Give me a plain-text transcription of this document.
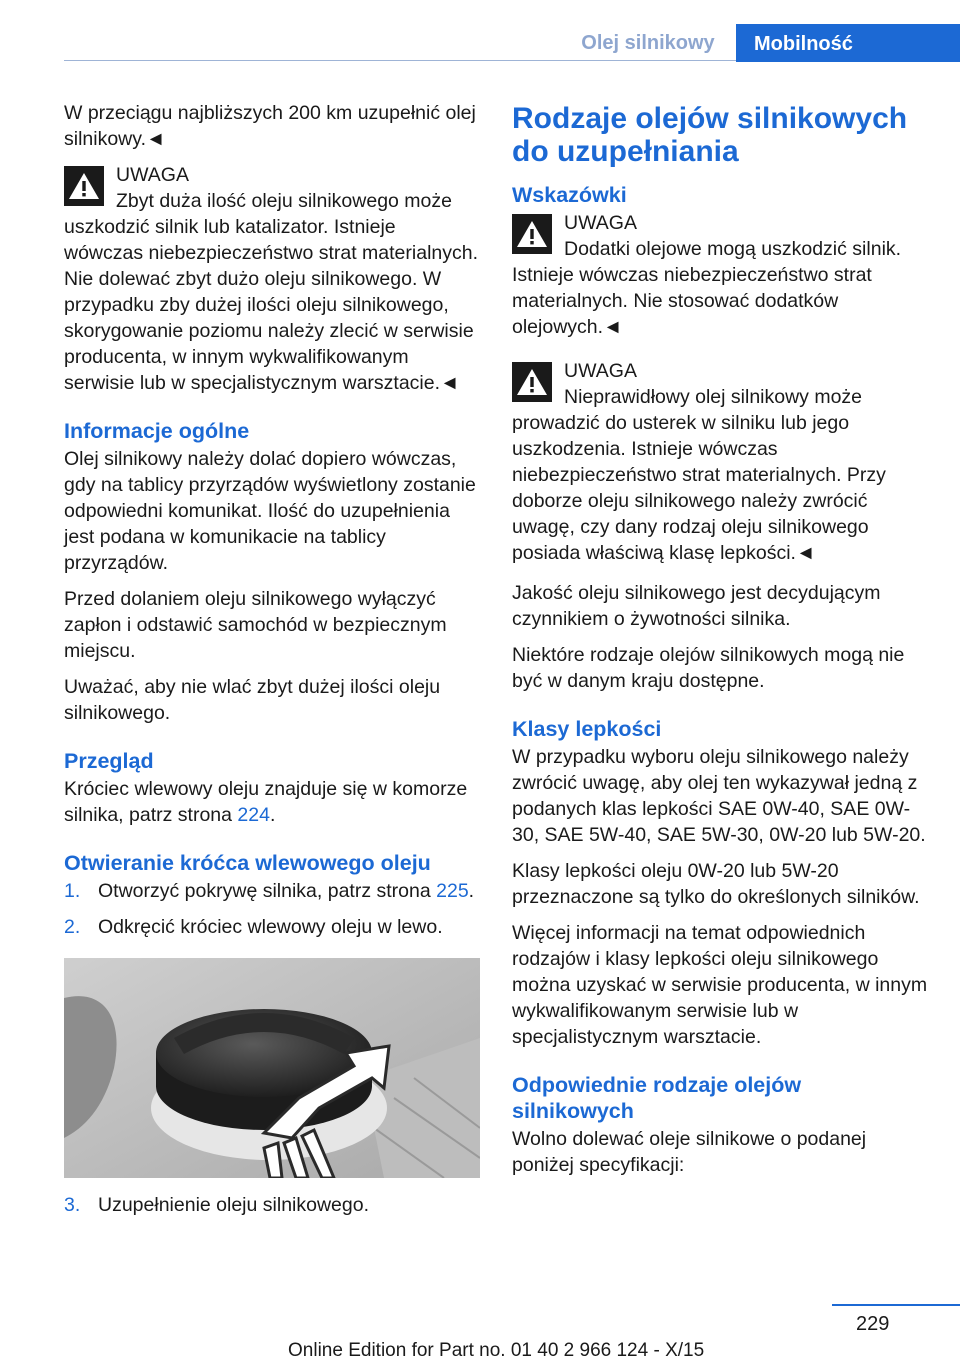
Olej silnikowy	Mobilność

W przeciągu najbliższych 200 km uzupełnić olej silnikowy.◄

UWAGA

Zbyt duża ilość oleju silnikowego może uszkodzić silnik lub katalizator. Istnieje wówczas niebezpieczeństwo strat materialnych. Nie dolewać zbyt dużo oleju silnikowego. W przypadku zby dużej ilości oleju silnikowego, skorygowanie poziomu należy zlecić w serwisie producenta, w innym wykwalifikowanym serwisie lub w specjalistycznym warsztacie.◄

Informacje ogólne

Olej silnikowy należy dolać dopiero wówczas, gdy na tablicy przyrządów wyświetlony zostanie odpowiedni komunikat. Ilość do uzupełnienia jest podana w komunikacie na tablicy przyrządów.

Przed dolaniem oleju silnikowego wyłączyć zapłon i odstawić samochód w bezpiecznym miejscu.

Uważać, aby nie wlać zbyt dużej ilości oleju silnikowego.

Przegląd

Króciec wlewowy oleju znajduje się w komorze silnika, patrz strona 224.

Otwieranie króćca wlewowego oleju
1. Otworzyć pokrywę silnika, patrz strona 225.
2. Odkręcić króciec wlewowy oleju w lewo.
3. Uzupełnienie oleju silnikowego.
Rodzaje olejów silnikowych do uzupełniania
Wskazówki
UWAGA

Dodatki olejowe mogą uszkodzić silnik. Istnieje wówczas niebezpieczeństwo strat materialnych. Nie stosować dodatków olejowych.◄

UWAGA

Nieprawidłowy olej silnikowy może prowadzić do usterek w silniku lub jego uszkodzenia. Istnieje wówczas niebezpieczeństwo strat materialnych. Przy doborze oleju silnikowego należy zwrócić uwagę, czy dany rodzaj oleju silnikowego posiada właściwą klasę lepkości.◄

Jakość oleju silnikowego jest decydującym czynnikiem o żywotności silnika.

Niektóre rodzaje olejów silnikowych mogą nie być w danym kraju dostępne.

Klasy lepkości

W przypadku wyboru oleju silnikowego należy zwrócić uwagę, aby olej ten wykazywał jedną z podanych klas lepkości SAE 0W-40, SAE 0W-30, SAE 5W-40, SAE 5W-30, 0W-20 lub 5W-20.

Klasy lepkości oleju 0W-20 lub 5W-20 przeznaczone są tylko do określonych silników.

Więcej informacji na temat odpowiednich rodzajów i klasy lepkości oleju silnikowego można uzyskać w serwisie producenta, w innym wykwalifikowanym serwisie lub w specjalistycznym warsztacie.

Odpowiednie rodzaje olejów silnikowych

Wolno dolewać oleje silnikowe o podanej poniżej specyfikacji:

229
Online Edition for Part no. 01 40 2 966 124 - X/15
